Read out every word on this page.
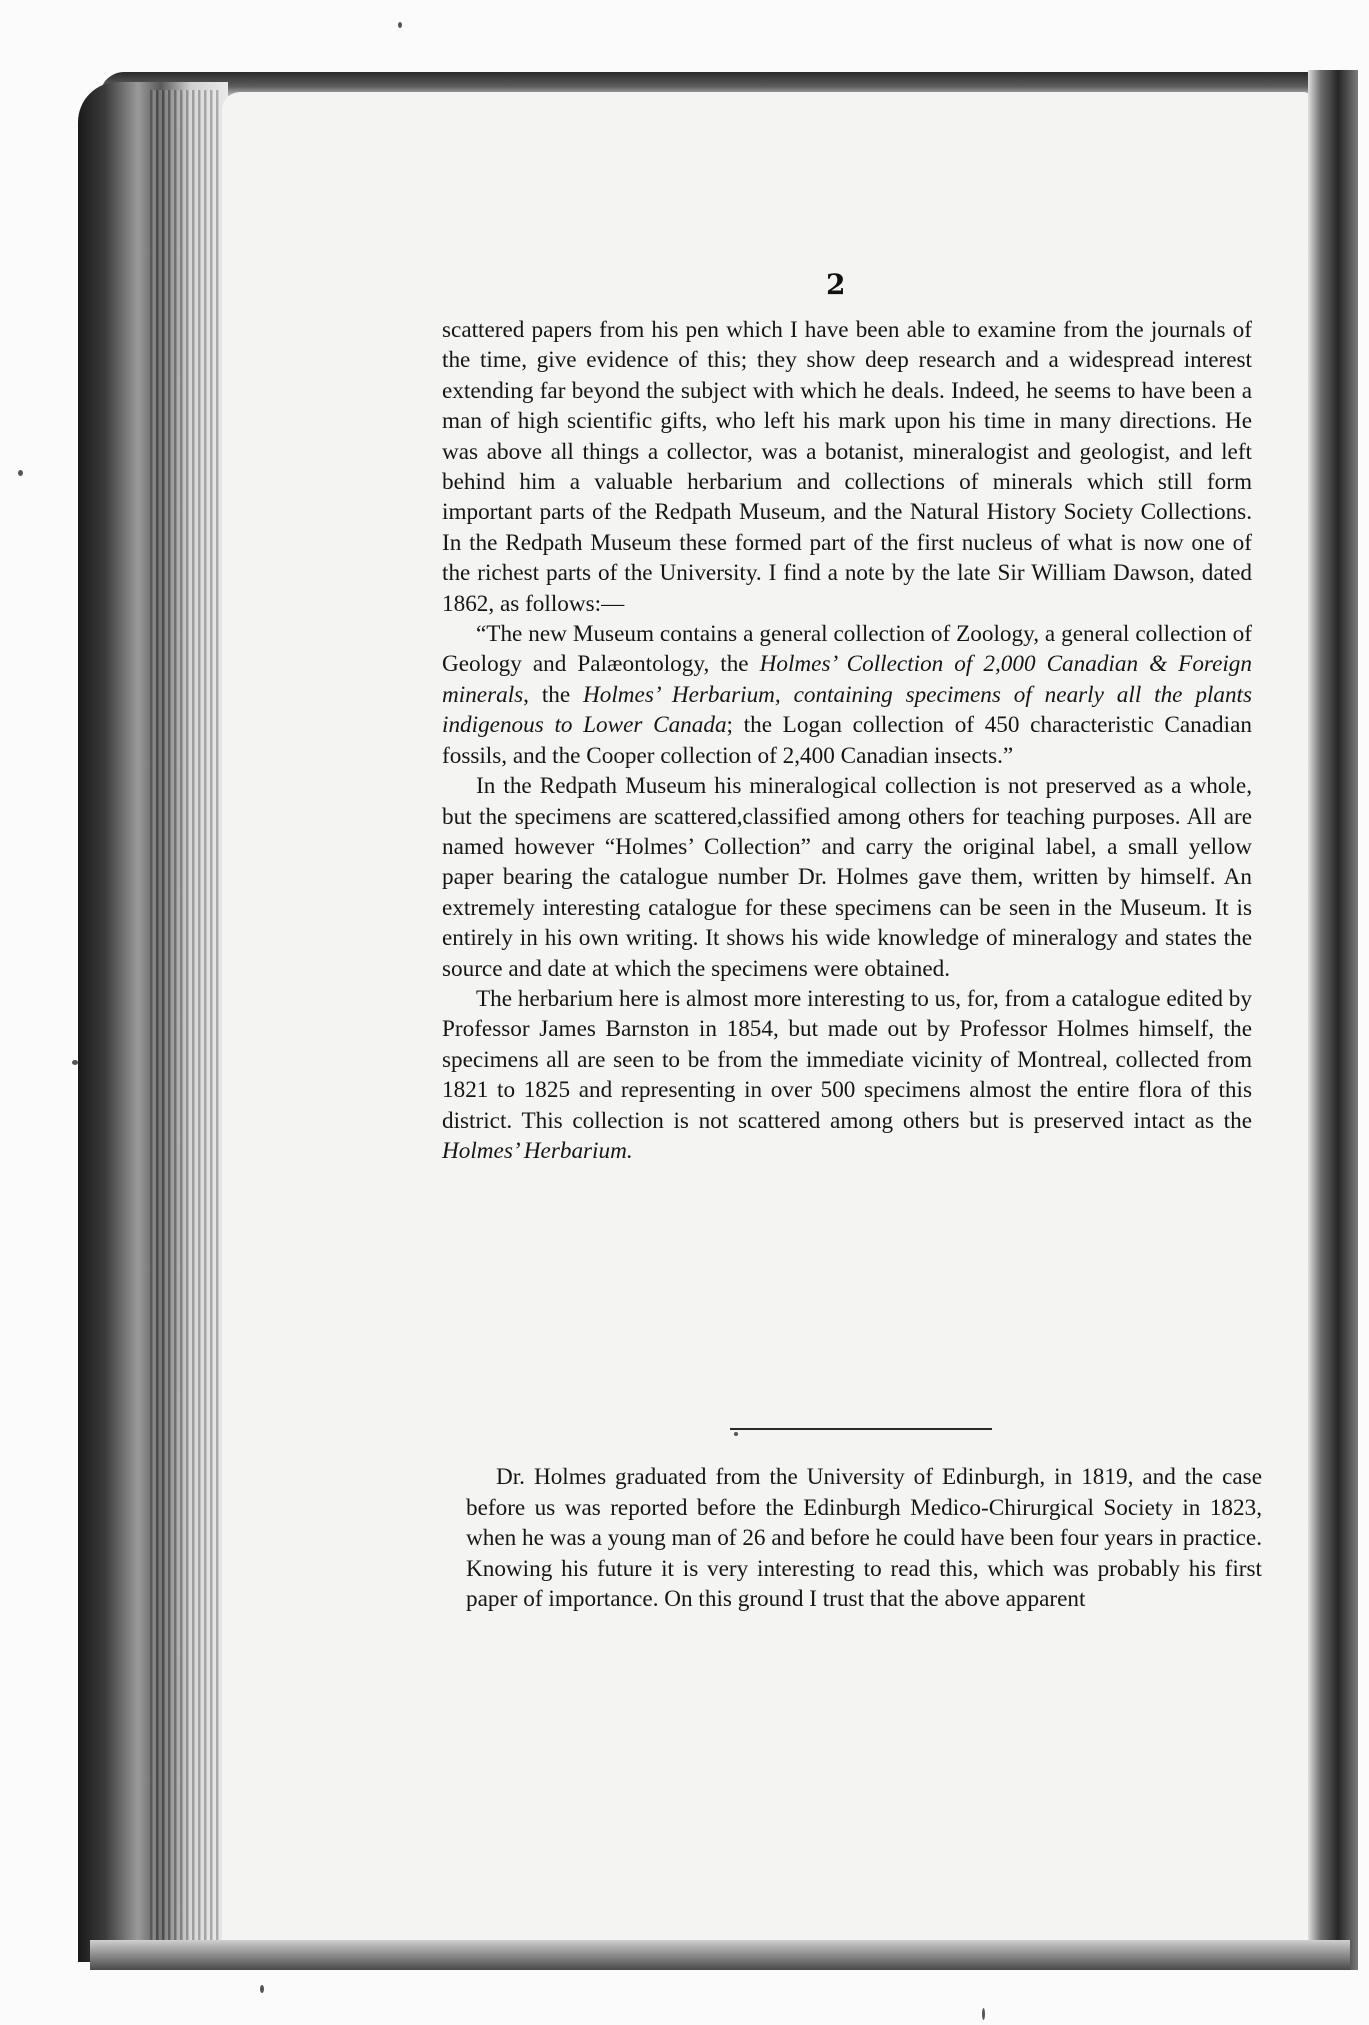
2

scattered papers from his pen which I have been able to examine from the journals of the time, give evidence of this; they show deep research and a widespread interest extending far beyond the subject with which he deals. Indeed, he seems to have been a man of high scientific gifts, who left his mark upon his time in many directions. He was above all things a collector, was a botanist, mineralogist and geologist, and left behind him a valuable herbarium and collections of minerals which still form important parts of the Redpath Museum, and the Natural History Society Collections. In the Redpath Museum these formed part of the first nucleus of what is now one of the richest parts of the University. I find a note by the late Sir William Dawson, dated 1862, as follows:—

“The new Museum contains a general collection of Zoology, a general collection of Geology and Palæontology, the Holmes’ Collection of 2,000 Canadian & Foreign minerals, the Holmes’ Herbarium, containing specimens of nearly all the plants indigenous to Lower Canada; the Logan collection of 450 characteristic Canadian fossils, and the Cooper collection of 2,400 Canadian insects.”

In the Redpath Museum his mineralogical collection is not preserved as a whole, but the specimens are scattered,classified among others for teaching purposes. All are named however “Holmes’ Collection” and carry the original label, a small yellow paper bearing the catalogue number Dr. Holmes gave them, written by himself. An extremely interesting catalogue for these specimens can be seen in the Museum. It is entirely in his own writing. It shows his wide knowledge of mineralogy and states the source and date at which the specimens were obtained.

The herbarium here is almost more interesting to us, for, from a catalogue edited by Professor James Barnston in 1854, but made out by Professor Holmes himself, the specimens all are seen to be from the immediate vicinity of Montreal, collected from 1821 to 1825 and representing in over 500 specimens almost the entire flora of this district. This collection is not scattered among others but is preserved intact as the Holmes’ Herbarium.

Dr. Holmes graduated from the University of Edinburgh, in 1819, and the case before us was reported before the Edinburgh Medico-Chirurgical Society in 1823, when he was a young man of 26 and before he could have been four years in practice. Knowing his future it is very interesting to read this, which was probably his first paper of importance. On this ground I trust that the above apparent
